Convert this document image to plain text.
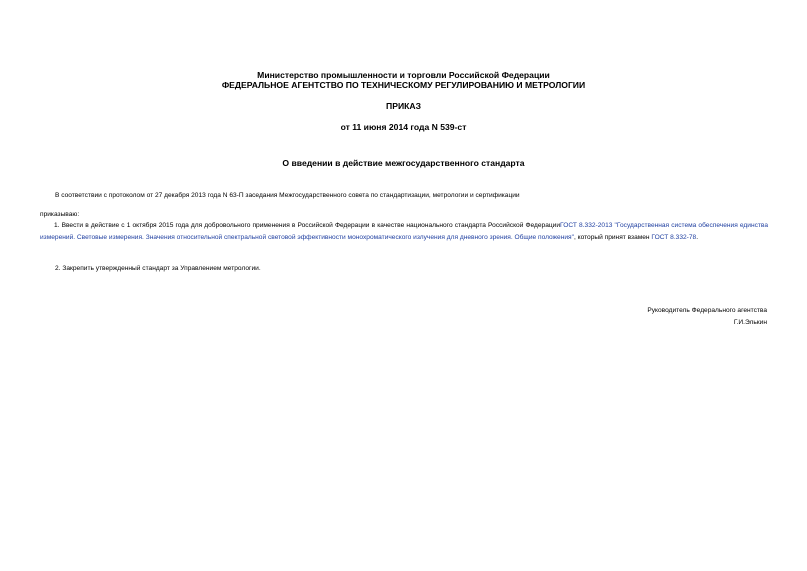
Министерство промышленности и торговли Российской Федерации
ФЕДЕРАЛЬНОЕ АГЕНТСТВО ПО ТЕХНИЧЕСКОМУ РЕГУЛИРОВАНИЮ И МЕТРОЛОГИИ
ПРИКАЗ
от 11 июня 2014 года N 539-ст
О введении в действие межгосударственного стандарта
В соответствии с протоколом от 27 декабря 2013 года N 63-П заседания Межгосударственного совета по стандартизации, метрологии и сертификации
приказываю:
1. Ввести в действие с 1 октября 2015 года для добровольного применения в Российской Федерации в качестве национального стандарта Российской ФедерацииГОСТ 8.332-2013 "Государственная система обеспечения единства измерений. Световые измерения. Значения относительной спектральной световой эффективности монохроматического излучения для дневного зрения. Общие положения", который принят взамен ГОСТ 8.332-78.
2. Закрепить утвержденный стандарт за Управлением метрологии.
Руководитель Федерального агентства
Г.И.Элькин
